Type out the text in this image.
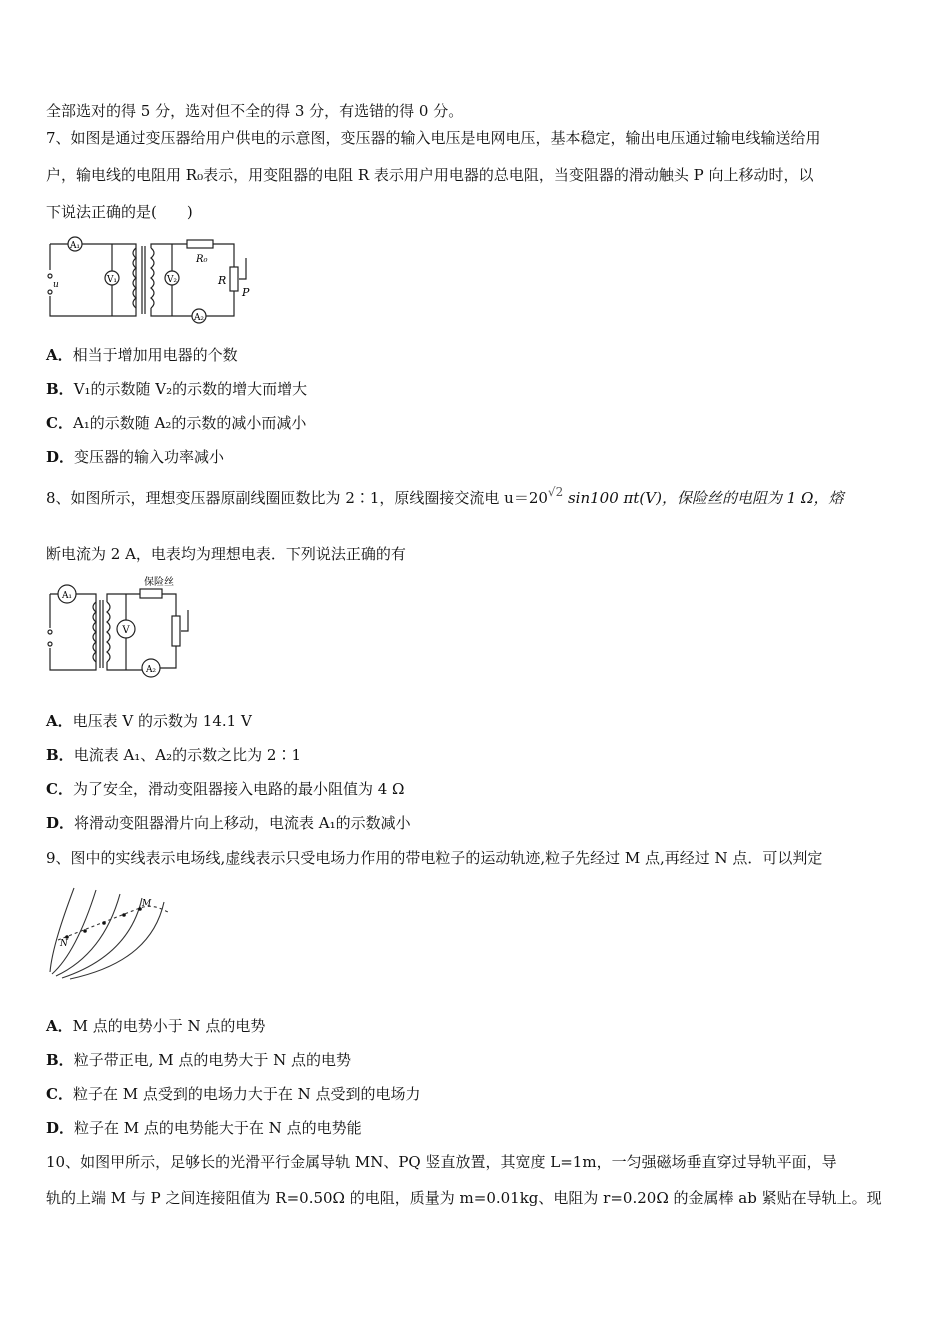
全部选对的得 5 分，选对但不全的得 3 分，有选错的得 0 分。
7、如图是通过变压器给用户供电的示意图，变压器的输入电压是电网电压，基本稳定，输出电压通过输电线输送给用
户，输电线的电阻用 R₀表示，用变阻器的电阻 R 表示用户用电器的总电阻，当变阻器的滑动触头 P 向上移动时，以
下说法正确的是(　　)
A₁
V₁	V₂
A₂
R₀
R
P
u
A．相当于增加用电器的个数
B．V₁的示数随 V₂的示数的增大而增大
C．A₁的示数随 A₂的示数的减小而减小
D．变压器的输入功率减小
8、如图所示，理想变压器原副线圈匝数比为 2∶1，原线圈接交流电 $u=20^{√2}$ sin100 πt(V)，保险丝的电阻为 1 Ω，熔
断电流为 2 A，电表均为理想电表．下列说法正确的有
保险丝
A₁
V
A₂
A．电压表 V 的示数为 14.1 V
B．电流表 A₁、A₂的示数之比为 2∶1
C．为了安全，滑动变阻器接入电路的最小阻值为 4 Ω
D．将滑动变阻器滑片向上移动，电流表 A₁的示数减小
9、图中的实线表示电场线,虚线表示只受电场力作用的带电粒子的运动轨迹,粒子先经过 M 点,再经过 N 点．可以判定
M
N
A．M 点的电势小于 N 点的电势
B．粒子带正电, M 点的电势大于 N 点的电势
C．粒子在 M 点受到的电场力大于在 N 点受到的电场力
D．粒子在 M 点的电势能大于在 N 点的电势能
10、如图甲所示，足够长的光滑平行金属导轨 MN、PQ 竖直放置，其宽度 L=1m，一匀强磁场垂直穿过导轨平面，导
轨的上端 M 与 P 之间连接阻值为 R=0.50Ω 的电阻，质量为 m=0.01kg、电阻为 r=0.20Ω 的金属棒 ab 紧贴在导轨上。现
